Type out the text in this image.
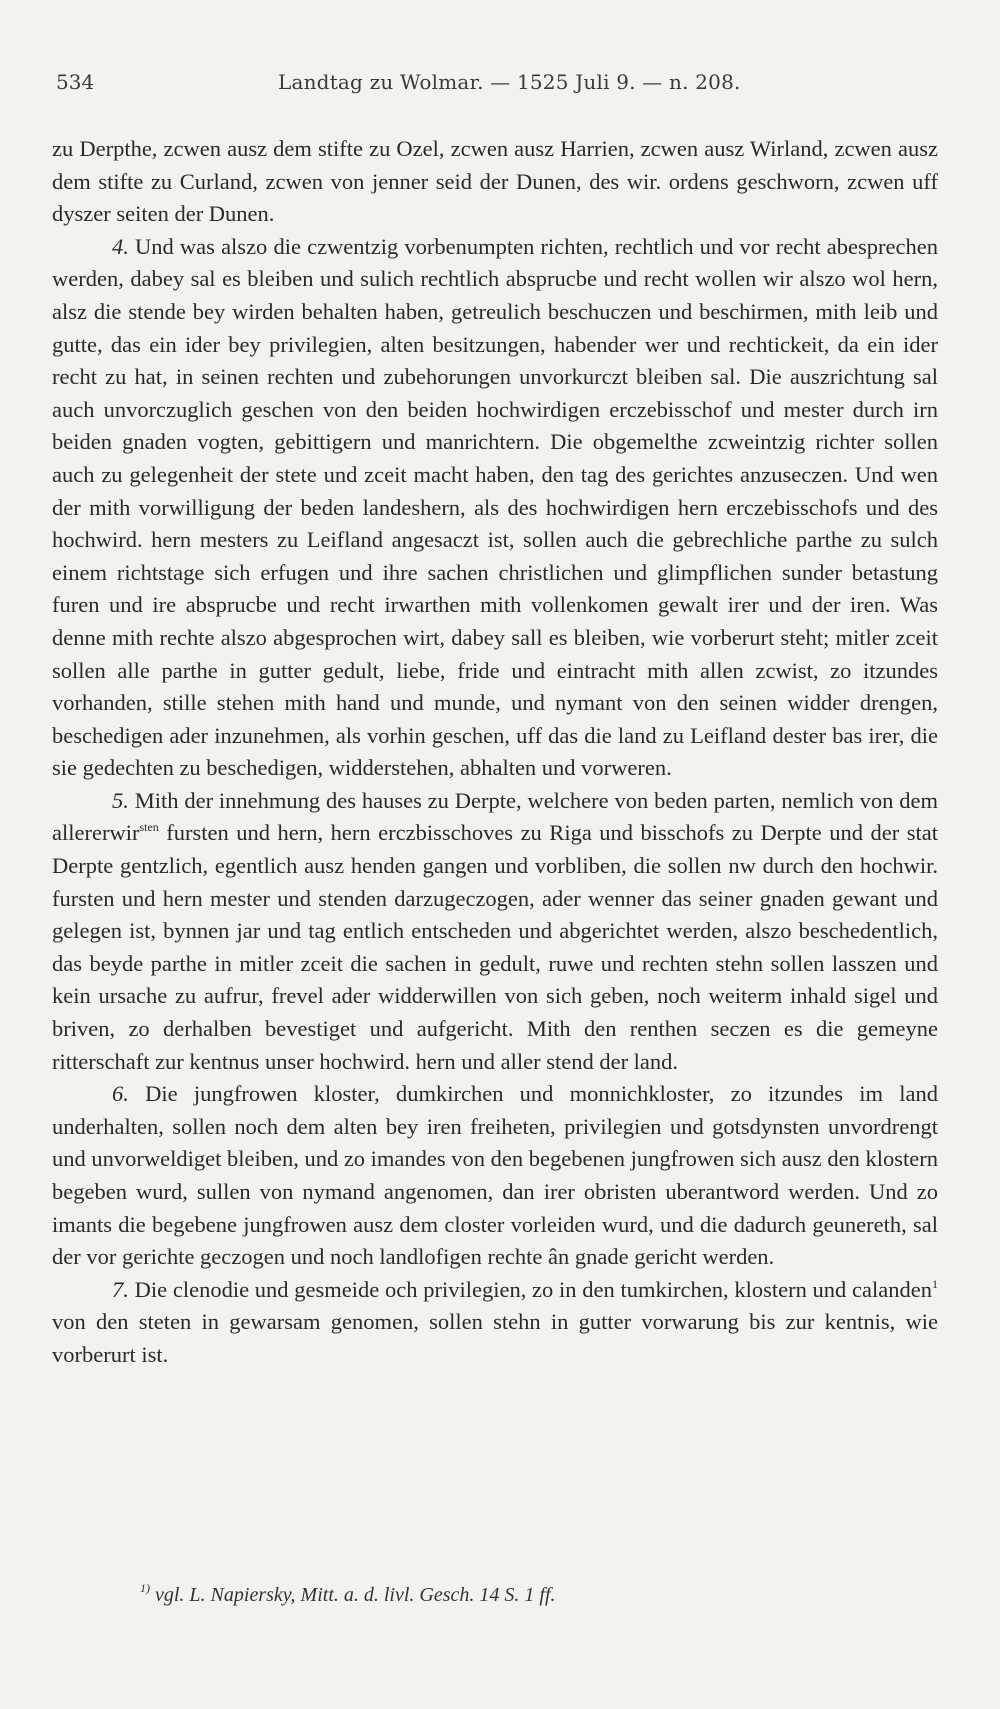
534	Landtag zu Wolmar. — 1525 Juli 9. — n. 208.

zu Derpthe, zcwen ausz dem stifte zu Ozel, zcwen ausz Harrien, zcwen ausz Wirland, zcwen ausz dem stifte zu Curland, zcwen von jenner seid der Dunen, des wir. ordens geschworn, zcwen uff dyszer seiten der Dunen.

4. Und was alszo die czwentzig vorbenumpten richten, rechtlich und vor recht abesprechen werden, dabey sal es bleiben und sulich rechtlich absprucbe und recht wollen wir alszo wol hern, alsz die stende bey wirden behalten haben, getreulich beschuczen und beschirmen, mith leib und gutte, das ein ider bey privilegien, alten besitzungen, habender wer und rechtickeit, da ein ider recht zu hat, in seinen rechten und zubehorungen unvorkurczt bleiben sal. Die auszrichtung sal auch unvorczuglich geschen von den beiden hochwirdigen erczebisschof und mester durch irn beiden gnaden vogten, gebittigern und manrichtern. Die obgemelthe zcweintzig richter sollen auch zu gelegenheit der stete und zceit macht haben, den tag des gerichtes anzuseczen. Und wen der mith vorwilligung der beden landeshern, als des hochwirdigen hern erczebisschofs und des hochwird. hern mesters zu Leifland angesaczt ist, sollen auch die gebrechliche parthe zu sulch einem richtstage sich erfugen und ihre sachen christlichen und glimpflichen sunder betastung furen und ire absprucbe und recht irwarthen mith vollenkomen gewalt irer und der iren. Was denne mith rechte alszo abgesprochen wirt, dabey sall es bleiben, wie vorberurt steht; mitler zceit sollen alle parthe in gutter gedult, liebe, fride und eintracht mith allen zcwist, zo itzundes vorhanden, stille stehen mith hand und munde, und nymant von den seinen widder drengen, beschedigen ader inzunehmen, als vorhin geschen, uff das die land zu Leifland dester bas irer, die sie gedechten zu beschedigen, widderstehen, abhalten und vorweren.

5. Mith der innehmung des hauses zu Derpte, welchere von beden parten, nemlich von dem allererwir$^{sten}$ fursten und hern, hern erczbisschoves zu Riga und bisschofs zu Derpte und der stat Derpte gentzlich, egentlich ausz henden gangen und vorbliben, die sollen nw durch den hochwir. fursten und hern mester und stenden darzugeczogen, ader wenner das seiner gnaden gewant und gelegen ist, bynnen jar und tag entlich entscheden und abgerichtet werden, alszo beschedentlich, das beyde parthe in mitler zceit die sachen in gedult, ruwe und rechten stehn sollen lasszen und kein ursache zu aufrur, frevel ader widderwillen von sich geben, noch weiterm inhald sigel und briven, zo derhalben bevestiget und aufgericht. Mith den renthen seczen es die gemeyne ritterschaft zur kentnus unser hochwird. hern und aller stend der land.

6. Die jungfrowen kloster, dumkirchen und monnichkloster, zo itzundes im land underhalten, sollen noch dem alten bey iren freiheten, privilegien und gotsdynsten unvordrengt und unvorweldiget bleiben, und zo imandes von den begebenen jungfrowen sich ausz den klostern begeben wurd, sullen von nymand angenomen, dan irer obristen uberantword werden. Und zo imants die begebene jungfrowen ausz dem closter vorleiden wurd, und die dadurch geunereth, sal der vor gerichte geczogen und noch landlofigen rechte ân gnade gericht werden.

7. Die clenodie und gesmeide och privilegien, zo in den tumkirchen, klostern und calanden$^1$ von den steten in gewarsam genomen, sollen stehn in gutter vorwarung bis zur kentnis, wie vorberurt ist.

$^{1)}$ vgl. L. Napiersky, Mitt. a. d. livl. Gesch. 14 S. 1 ff.
